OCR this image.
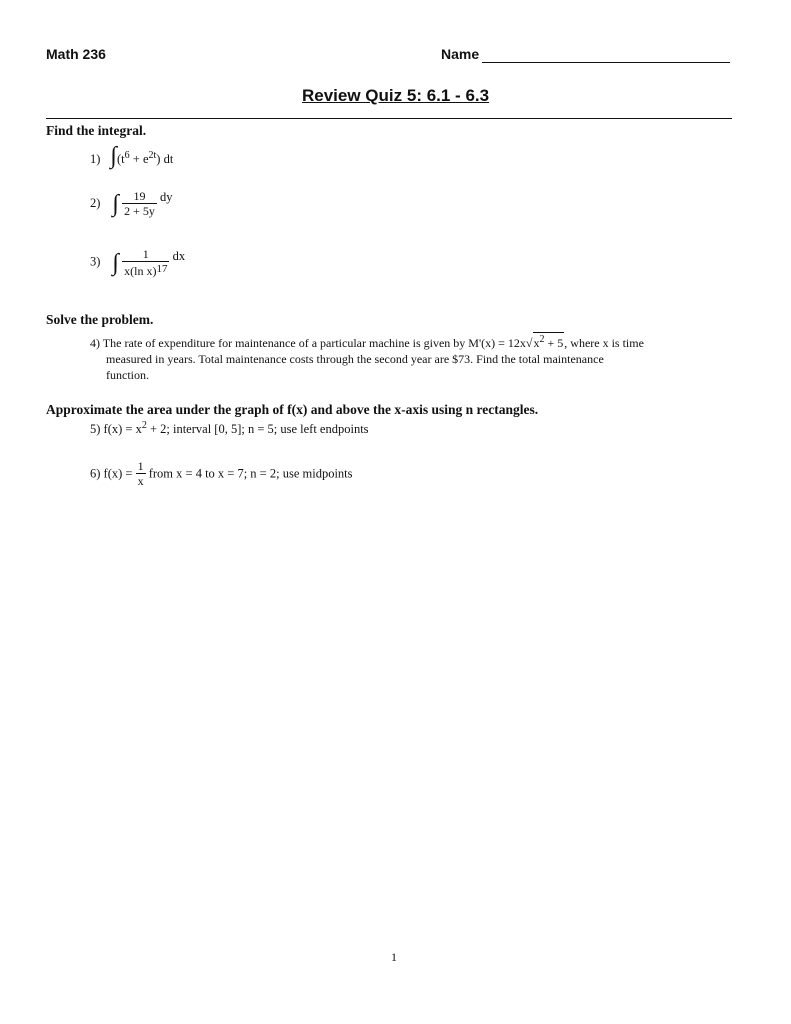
Math 236	Name
Review Quiz 5: 6.1 - 6.3
Find the integral.
1) $\int(t^6 + e^{2t})$ dt
2) ∫ $\frac{19}{2 + 5y}$ dy
3) ∫ $\frac{1}{\text{x(ln x)17}}$ dx
Solve the problem.
4) The rate of expenditure for maintenance of a particular machine is given by $M'(x) = 12x√x^2 + 5$, where x is time
measured in years. Total maintenance costs through the second year are $73. Find the total maintenance
function.
Approximate the area under the graph of f(x) and above the x-axis using n rectangles.
5) $f(x) = x^2 + 2$; interval [0, 5]; n = 5; use left endpoints
6) $f(x) = \frac{1}{x}$ from x = 4 to x = 7; n = 2; use midpoints
1
